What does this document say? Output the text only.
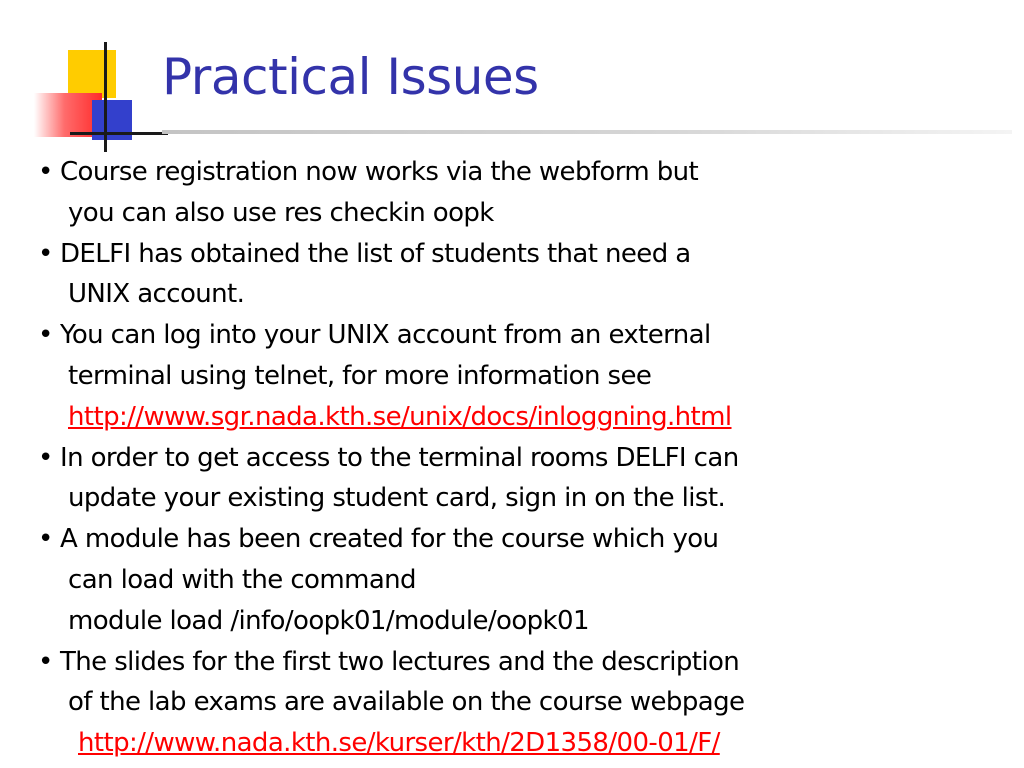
Practical Issues
• Course registration now works via the webform but
you can also use res checkin oopk
• DELFI has obtained the list of students that need a
UNIX account.
• You can log into your UNIX account from an external
terminal using telnet, for more information see
http://www.sgr.nada.kth.se/unix/docs/inloggning.html
• In order to get access to the terminal rooms DELFI can
update your existing student card, sign in on the list.
• A module has been created for the course which you
can load with the command
module load /info/oopk01/module/oopk01
• The slides for the first two lectures and the description
of the lab exams are available on the course webpage
http://www.nada.kth.se/kurser/kth/2D1358/00-01/F/
